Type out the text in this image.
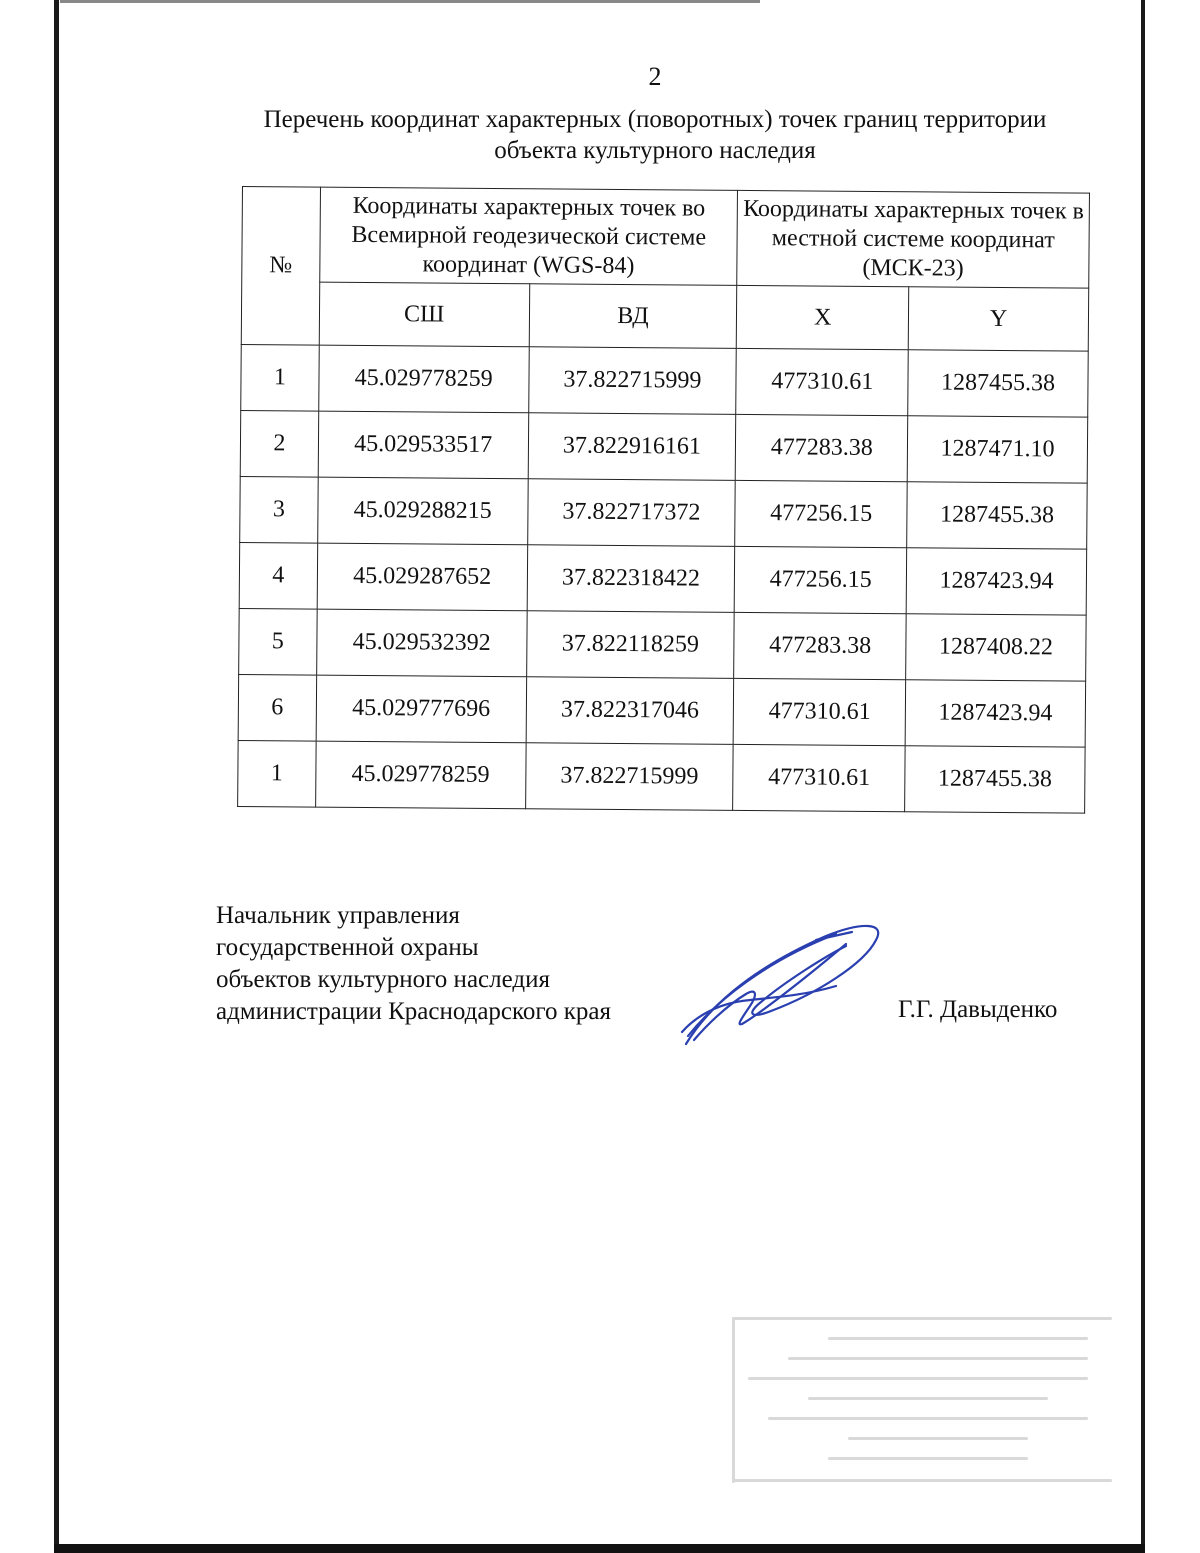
2
Перечень координат характерных (поворотных) точек границ территории
объекта культурного наследия
№	Координаты характерных точек во Всемирной геодезической системе координат (WGS-84)		Координаты характерных точек в местной системе координат (МСК-23)	
	СШ	ВД	X	Y
1	45.029778259	37.822715999	477310.61	1287455.38
2	45.029533517	37.822916161	477283.38	1287471.10
3	45.029288215	37.822717372	477256.15	1287455.38
4	45.029287652	37.822318422	477256.15	1287423.94
5	45.029532392	37.822118259	477283.38	1287408.22
6	45.029777696	37.822317046	477310.61	1287423.94
1	45.029778259	37.822715999	477310.61	1287455.38
Начальник управления
государственной охраны
объектов культурного наследия
администрации Краснодарского края	Г.Г. Давыденко
